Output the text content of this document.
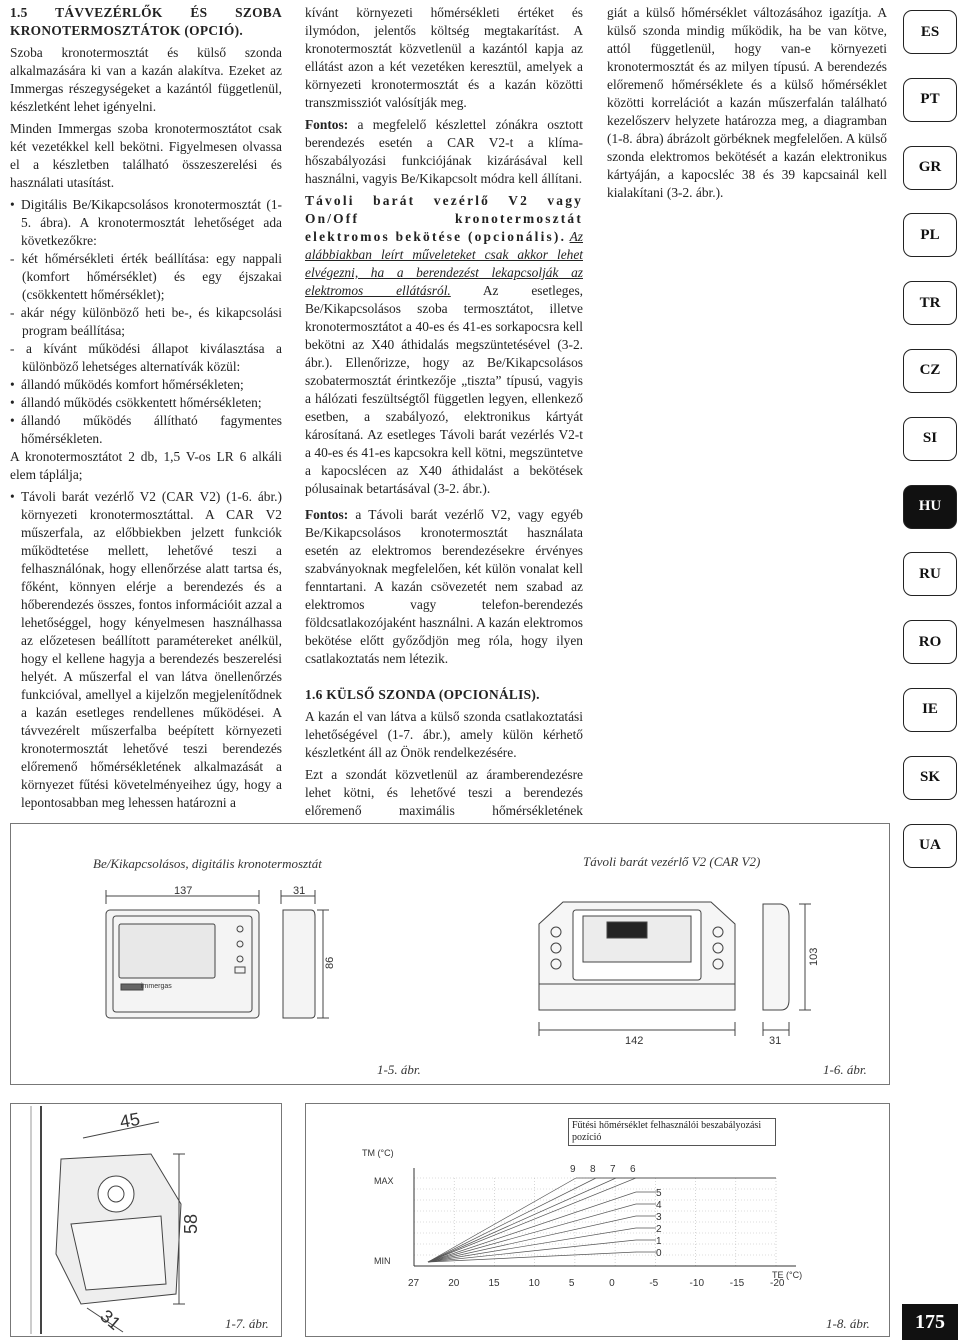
1.5 TÁVVEZÉRLŐK ÉS SZOBA KRONOTERMOSZTÁTOK (OPCIÓ).

Szoba kronotermosztát és külső szonda alkalmazására ki van a kazán alakítva. Ezeket az Immergas részegységeket a kazántól függetlenül, készletként lehet igényelni.

Minden Immergas szoba kronotermosztátot csak két vezetékkel kell bekötni. Figyelmesen olvassa el a készletben található összeszerelési és használati utasítást.

• Digitális Be/Kikapcsolásos kronotermosztát (1-5. ábra). A kronotermosztát lehetőséget ada következőkre:

- két hőmérsékleti érték beállítása: egy nappali (komfort hőmérséklet) és egy éjszakai (csökkentett hőmérséklet);

- akár négy különböző heti be-, és kikapcsolási program beállítása;

- a kívánt működési állapot kiválasztása a különböző lehetséges alternatívák közül:

• állandó működés komfort hőmérsékleten;
• állandó működés csökkentett hőmérsékleten;
• állandó működés állítható fagymentes hőmérsékleten.

A kronotermosztátot 2 db, 1,5 V-os LR 6 alkáli elem táplálja;

• Távoli barát vezérlő V2 (CAR V2) (1-6. ábr.) környezeti kronotermosztáttal. A CAR V2 műszerfala, az előbbiekben jelzett funkciók működtetése mellett, lehetővé teszi a felhasználónak, hogy ellenőrzése alatt tartsa és, főként, könnyen elérje a berendezés és a hőberendezés összes, fontos információit azzal a lehetőséggel, hogy kényelmesen használhassa az előzetesen beállított paramétereket anélkül, hogy el kellene hagyja a berendezés beszerelési helyét. A műszerfal el van látva önellenőrzés funkcióval, amellyel a kijelzőn megjelenítődnek a kazán esetleges rendellenes működései. A távvezérelt műszerfalba beépített környezeti kronotermosztát lehetővé teszi berendezés előremenő hőmérsékletének alkalmazását a környezet fűtési követelményeihez úgy, hogy a lepontosabban meg lehessen határozni a

kívánt környezeti hőmérsékleti értéket és ilymódon, jelentős költség megtakarítást. A kronotermosztát közvetlenül a kazántól kapja az ellátást azon a két vezetéken keresztül, amelyek a környezeti kronotermosztát és a kazán közötti transzmissziót valósítják meg.

Fontos: a megfelelő készlettel zónákra osztott berendezés esetén a CAR V2-t a klíma-hőszabályozási funkciójának kizárásával kell használni, vagyis Be/Kikapcsolt módra kell állítani.

Távoli barát vezérlő V2 vagy On/Off kronotermosztát elektromos bekötése (opcionális). Az alábbiakban leírt műveleteket csak akkor lehet elvégezni, ha a berendezést lekapcsolják az elektromos ellátásról. Az esetleges, Be/Kikapcsolásos szoba termosztátot, illetve kronotermosztátot a 40-es és 41-es sorkapocsra kell bekötni az X40 áthidalás megszüntetésével (3-2. ábr.). Ellenőrizze, hogy az Be/Kikapcsolásos szobatermosztát érintkezője „tiszta” típusú, vagyis a hálózati feszültségtől független legyen, ellenkező esetben, a szabályozó, elektronikus kártyát károsítaná. Az esetleges Távoli barát vezérlés V2-t a 40-es és 41-es kapcsokra kell kötni, megszüntetve a kapocslécen az X40 áthidalást a bekötések pólusainak betartásával (3-2. ábr.).

Fontos: a Távoli barát vezérlő V2, vagy egyéb Be/Kikapcsolásos kronotermosztát használata esetén az elektromos berendezésekre érvényes szabványoknak megfelelően, két külön vonalat kell fenntartani. A kazán csövezetét nem szabad az elektromos vagy telefon-berendezés földcsatlakozójaként használni. A kazán elektromos bekötése előtt győződjön meg róla, hogy ilyen csatlakoztatás nem létezik.

1.6 KÜLSŐ SZONDA (OPCIONÁLIS).

A kazán el van látva a külső szonda csatlakoztatási lehetőségével (1-7. ábr.), amely külön kérhető készletként áll az Önök rendelkezésére.

Ezt a szondát közvetlenül az áramberendezésre lehet kötni, és lehetővé teszi a berendezés előremenő maximális hőmérsékletének

giát a külső hőmérséklet változásához igazítja. A külső szonda mindig működik, ha be van kötve, attól függetlenül, hogy van-e környezeti kronotermosztát és az milyen típusú. A berendezés előremenő hőmérséklete és a külső hőmérséklet közötti korrelációt a kazán műszerfalán található kezelőszerv helyzete határozza meg, a diagramban (1-8. ábra) ábrázolt görbéknek megfelelően. A külső szonda elektromos bekötését a kazán elektronikus kártyáján, a kapocsléc 38 és 39 kapcsainál kell kialakítani (3-2. ábr.).

ES
PT
GR
PL
TR
CZ
SI
HU
RU
RO
IE
SK
UA
Be/Kikapcsolásos, digitális kronotermosztát	Távoli barát vezérlő V2 (CAR V2)
137	31
86
immergas
142	31
103
1-5. ábr.	1-6. ábr.
45
58
31	1-7. ábr.
27	20	15	10	5	0	-5	-10	-15	-20
TM (°C)
MAX
MIN
TE (°C)
9 8 7 6
5
4
3
2
1
0
Fűtési hőmérséklet felhasználói beszabályozási pozíció
1-8. ábr.	175
